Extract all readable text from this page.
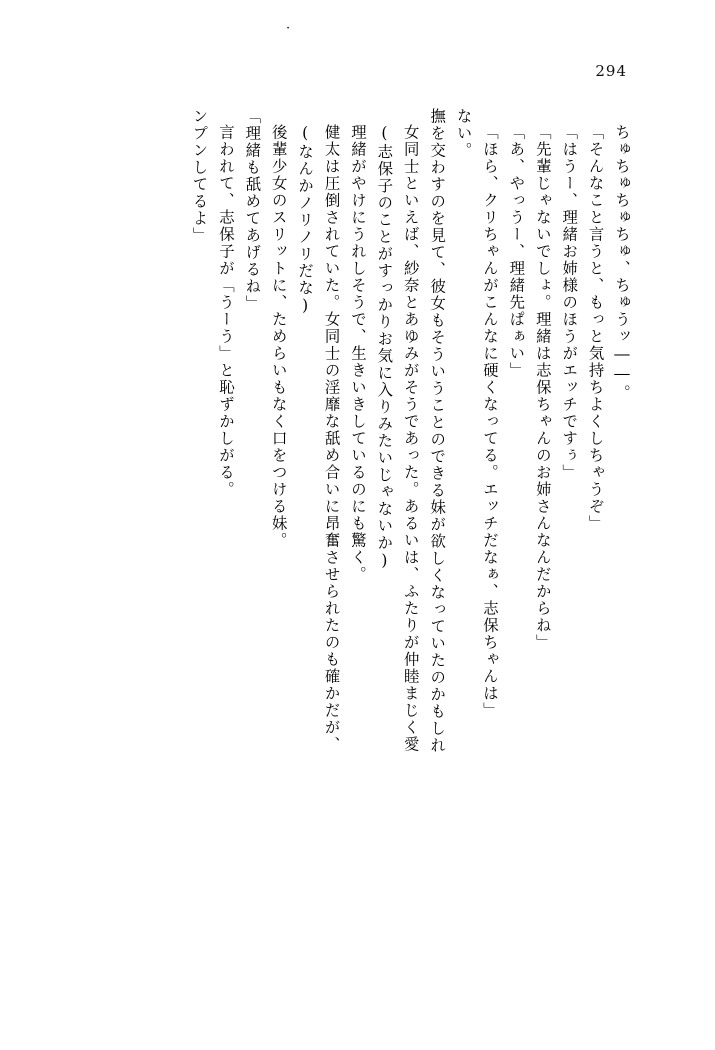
·
294
ンプンしてるよ」 言われて、志保子が「うーう」と恥ずかしがる。 「理緒も舐めてあげるね」 後輩少女のスリットに、ためらいもなく口をつける妹。 (なんかノリノリだな) 健太は圧倒されていた。女同士の淫靡な舐め合いに昂奮させられたのも確かだが、 理緒がやけにうれしそうで、生きいきしているのにも驚く。 (志保子のことがすっかりお気に入りみたいじゃないか) 女同士といえば、紗奈とあゆみがそうであった。あるいは、ふたりが仲睦まじく愛 撫を交わすのを見て、彼女もそういうことのできる妹が欲しくなっていたのかもしれ ない。 「ほら、クリちゃんがこんなに硬くなってる。エッチだなぁ、志保ちゃんは」 「あ、やっうー、理緒先ぱぁい」 「先輩じゃないでしょ。理緒は志保ちゃんのお姉さんなんだからね」 「はうー、理緒お姉様のほうがエッチですぅ」 「そんなこと言うと、もっと気持ちよくしちゃうぞ」 ちゅちゅちゅちゅ、ちゅうッ――。
